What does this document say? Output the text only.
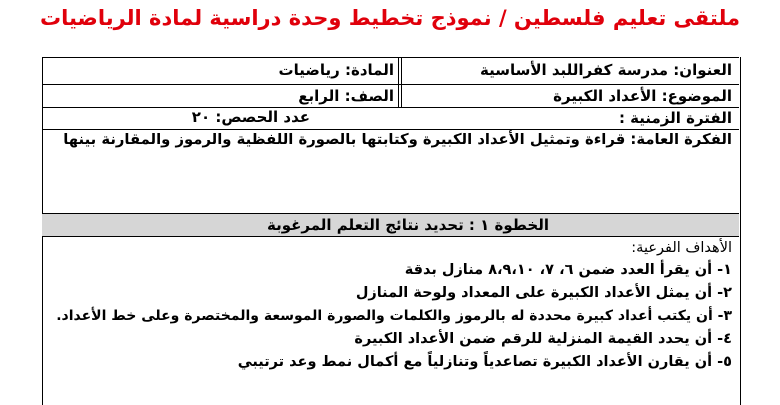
ملتقى تعليم فلسطين / نموذج تخطيط وحدة دراسية لمادة الرياضيات
العنوان: مدرسة كفراللبد الأساسية
المادة: رياضيات
الموضوع: الأعداد الكبيرة
الصف: الرابع
الفترة الزمنية :
عدد الحصص: ٢٠
الفكرة العامة: قراءة وتمثيل الأعداد الكبيرة وكتابتها بالصورة اللفظية والرموز والمقارنة بينها
الخطوة ١ : تحديد نتائج التعلم المرغوبة
الأهداف الفرعية:
١- أن يقرأ العدد ضمن ٦، ٧، ٨،٩،١٠ منازل بدقة
٢- أن يمثل الأعداد الكبيرة على المعداد ولوحة المنازل
٣- أن يكتب أعداد كبيرة محددة له بالرموز والكلمات والصورة الموسعة والمختصرة وعلى خط الأعداد.
٤- أن يحدد القيمة المنزلية للرقم ضمن الأعداد الكبيرة
٥- أن يقارن الأعداد الكبيرة تصاعدياً وتنازلياً مع أكمال نمط وعد ترتيبي
